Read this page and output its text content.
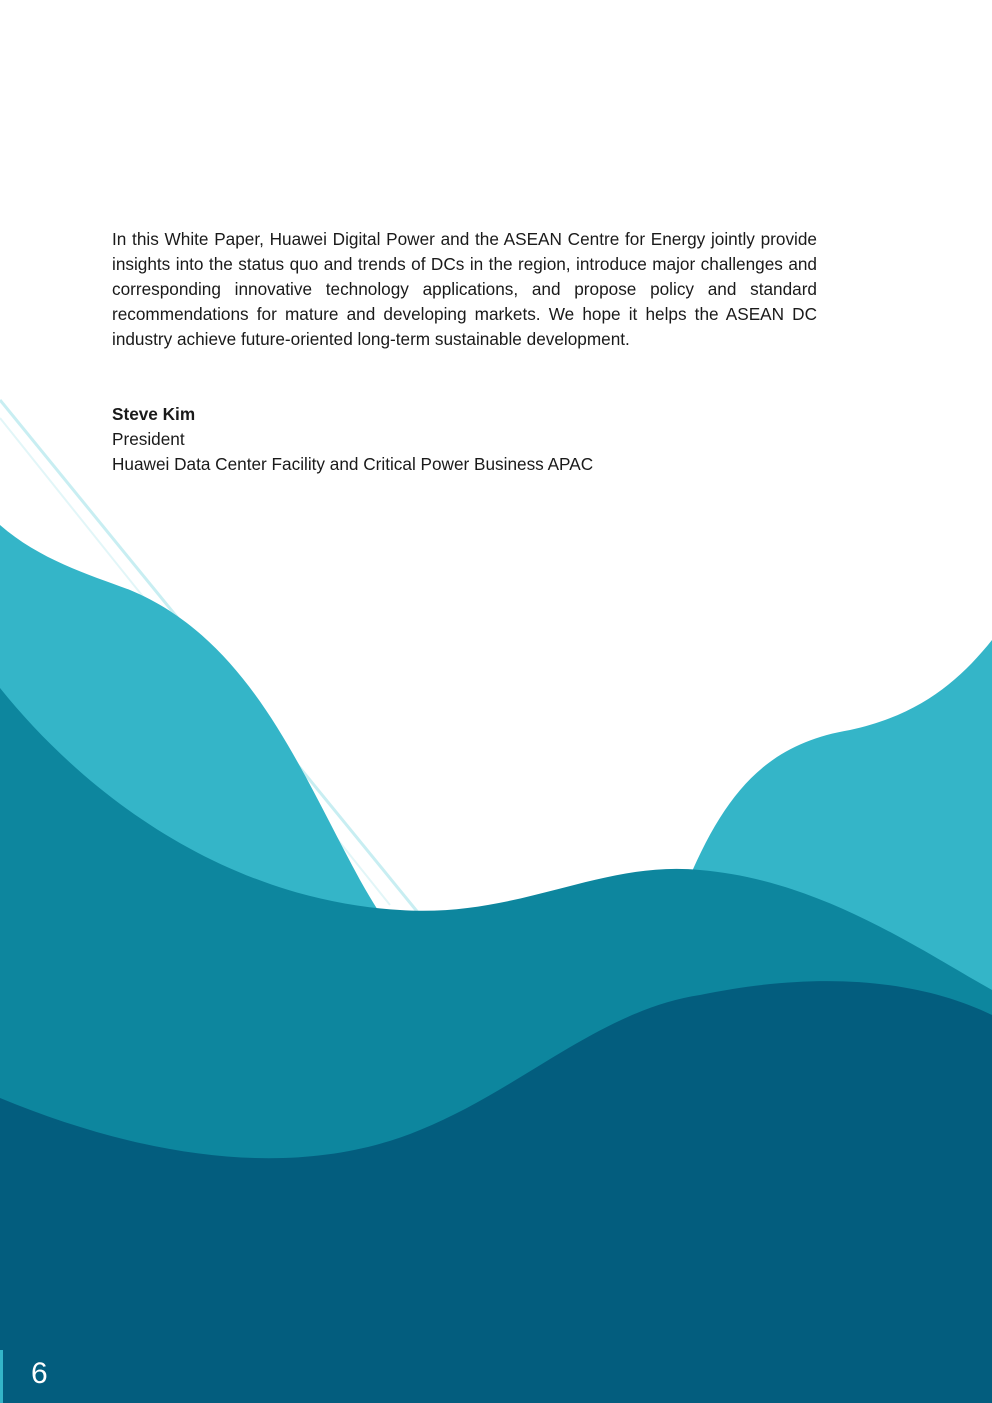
In this White Paper, Huawei Digital Power and the ASEAN Centre for Energy jointly provide insights into the status quo and trends of DCs in the region, introduce major challenges and corresponding innovative technology applications, and propose policy and standard recommendations for mature and developing markets. We hope it helps the ASEAN DC industry achieve future-oriented long-term sustainable development.

Steve Kim
President
Huawei Data Center Facility and Critical Power Business APAC
6
